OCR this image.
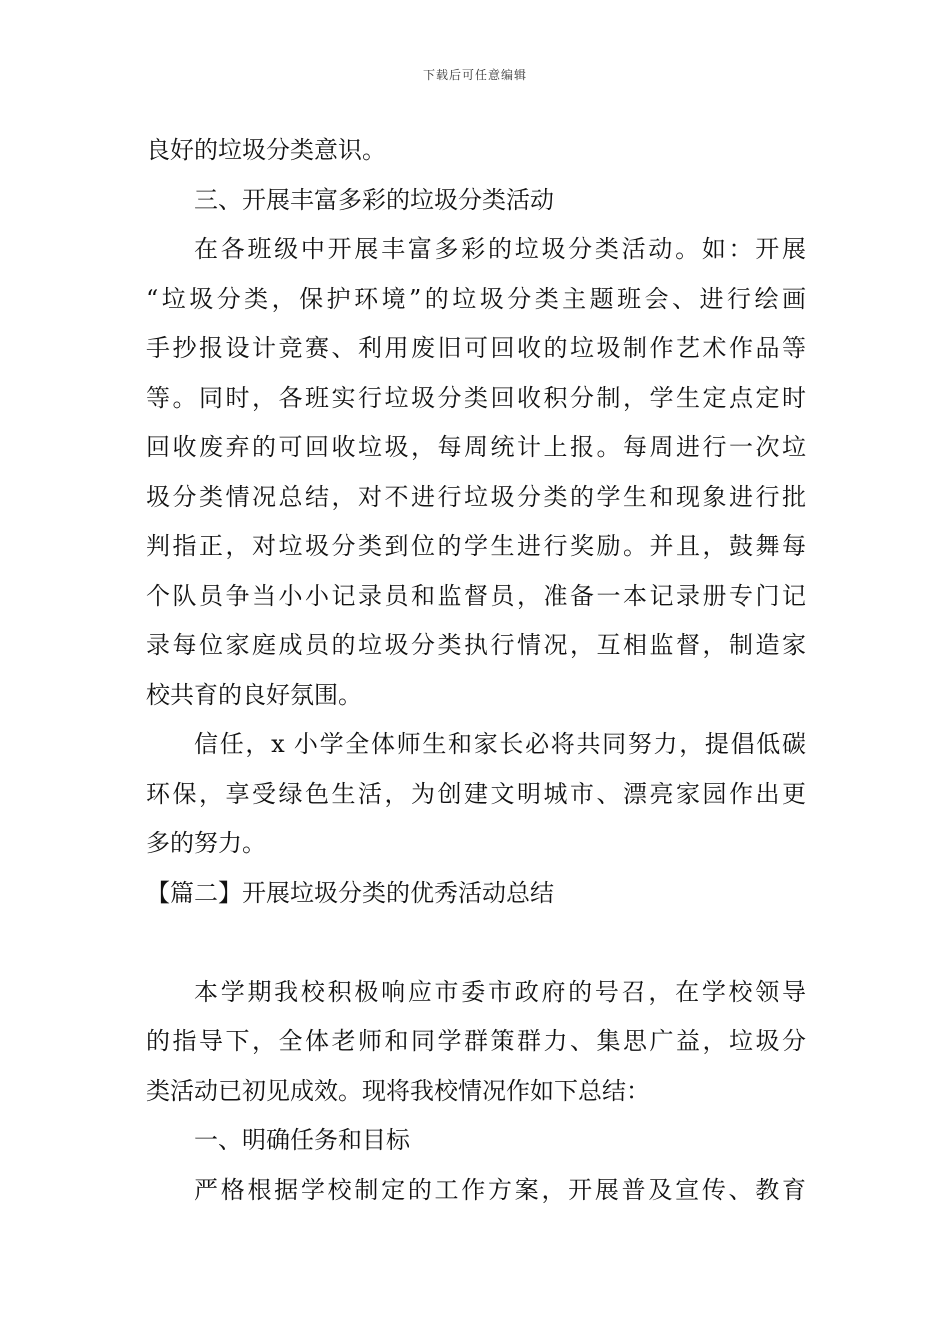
下载后可任意编辑
良好的垃圾分类意识。
三、开展丰富多彩的垃圾分类活动
在各班级中开展丰富多彩的垃圾分类活动。如：开展
“垃圾分类，保护环境”的垃圾分类主题班会、进行绘画
手抄报设计竞赛、利用废旧可回收的垃圾制作艺术作品等
等。同时，各班实行垃圾分类回收积分制，学生定点定时
回收废弃的可回收垃圾，每周统计上报。每周进行一次垃
圾分类情况总结，对不进行垃圾分类的学生和现象进行批
判指正，对垃圾分类到位的学生进行奖励。并且，鼓舞每
个队员争当小小记录员和监督员，准备一本记录册专门记
录每位家庭成员的垃圾分类执行情况，互相监督，制造家
校共育的良好氛围。
信任，x 小学全体师生和家长必将共同努力，提倡低碳
环保，享受绿色生活，为创建文明城市、漂亮家园作出更
多的努力。
【篇二】开展垃圾分类的优秀活动总结
本学期我校积极响应市委市政府的号召，在学校领导
的指导下，全体老师和同学群策群力、集思广益，垃圾分
类活动已初见成效。现将我校情况作如下总结：
一、明确任务和目标
严格根据学校制定的工作方案，开展普及宣传、教育
